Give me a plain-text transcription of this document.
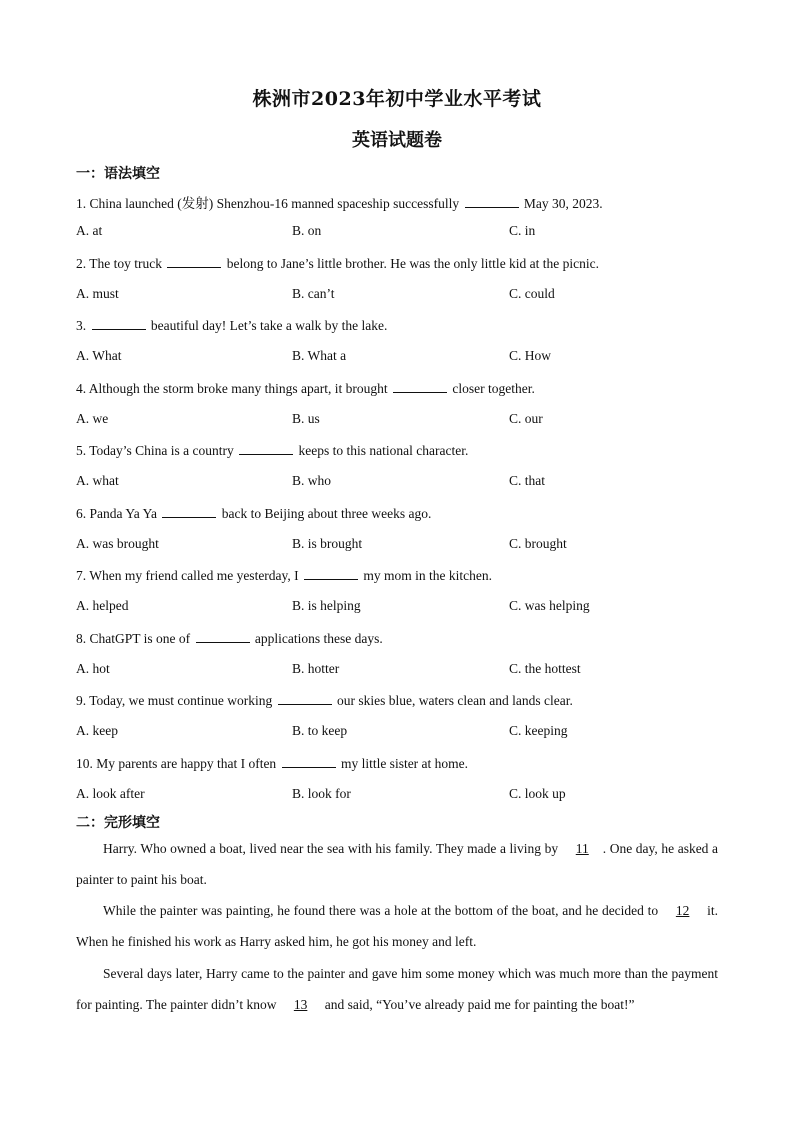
株洲市2023年初中学业水平考试
英语试题卷
一：语法填空
1. China launched (发射) Shenzhou-16 manned spaceship successfully	May 30, 2023.
A. at	B. on	C. in
2. The toy truck	belong to Jane’s little brother. He was the only little kid at the picnic.
A. must	B. can’t	C. could
3.	beautiful day! Let’s take a walk by the lake.
A. What	B. What a	C. How
4. Although the storm broke many things apart, it brought	closer together.
A. we	B. us	C. our
5. Today’s China is a country	keeps to this national character.
A. what	B. who	C. that
6. Panda Ya Ya	back to Beijing about three weeks ago.
A. was brought	B. is brought	C. brought
7. When my friend called me yesterday, I	my mom in the kitchen.
A. helped	B. is helping	C. was helping
8. ChatGPT is one of	applications these days.
A. hot	B. hotter	C. the hottest
9. Today, we must continue working	our skies blue, waters clean and lands clear.
A. keep	B. to keep	C. keeping
10. My parents are happy that I often	my little sister at home.
A. look after	B. look for	C. look up
二：完形填空
Harry. Who owned a boat, lived near the sea with his family. They made a living by 11 . One day, he asked a painter to paint his boat.
While the painter was painting, he found there was a hole at the bottom of the boat, and he decided to 12 it. When he finished his work as Harry asked him, he got his money and left.
Several days later, Harry came to the painter and gave him some money which was much more than the payment for painting. The painter didn’t know 13 and said, “You’ve already paid me for painting the boat!”
